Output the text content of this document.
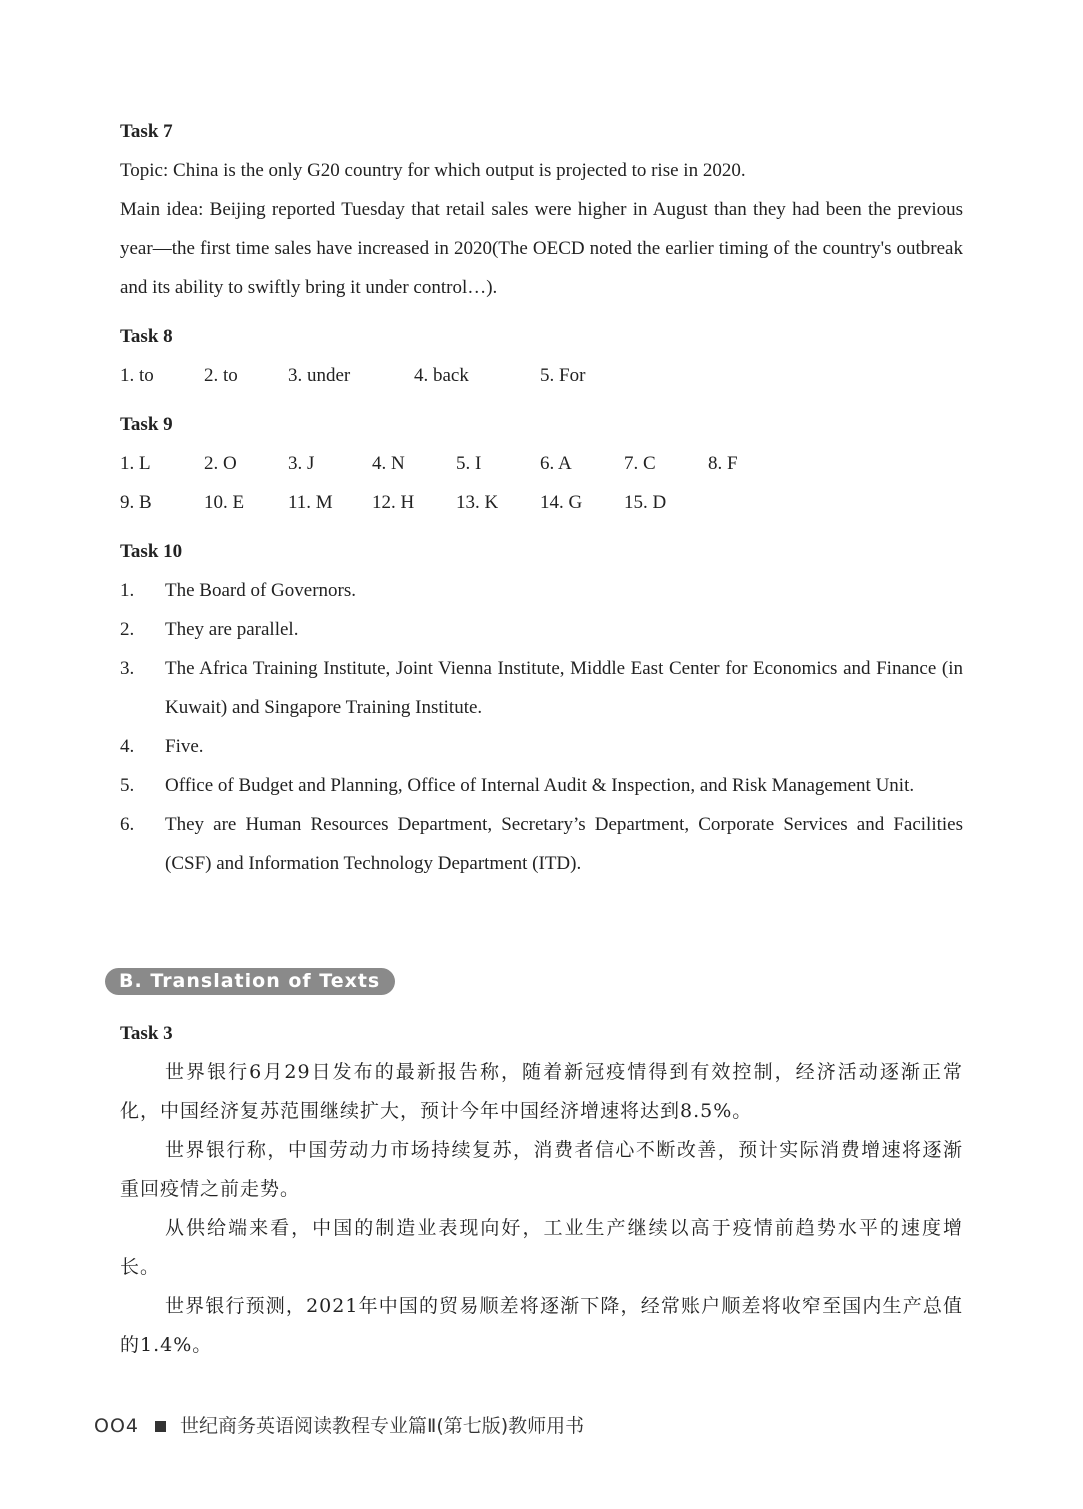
Task 7
Topic: China is the only G20 country for which output is projected to rise in 2020.
Main idea: Beijing reported Tuesday that retail sales were higher in August than they had been the previous year—the first time sales have increased in 2020(The OECD noted the earlier timing of the country's outbreak and its ability to swiftly bring it under control…).
Task 8
1. to	2. to	3. under	4. back	5. For
Task 9
1. L	2. O	3. J	4. N	5. I	6. A	7. C	8. F
9. B	10. E	11. M	12. H	13. K	14. G	15. D
Task 10
1.	The Board of Governors.
2.	They are parallel.
3.	The Africa Training Institute, Joint Vienna Institute, Middle East Center for Economics and Finance (in Kuwait) and Singapore Training Institute.
4.	Five.
5.	Office of Budget and Planning, Office of Internal Audit & Inspection, and Risk Management Unit.
6.	They are Human Resources Department, Secretary’s Department, Corporate Services and Facilities (CSF) and Information Technology Department (ITD).
B. Translation of Texts
Task 3
世界银行6月29日发布的最新报告称，随着新冠疫情得到有效控制，经济活动逐渐正常化，中国经济复苏范围继续扩大，预计今年中国经济增速将达到8.5%。
世界银行称，中国劳动力市场持续复苏，消费者信心不断改善，预计实际消费增速将逐渐重回疫情之前走势。
从供给端来看，中国的制造业表现向好，工业生产继续以高于疫情前趋势水平的速度增长。
世界银行预测，2021年中国的贸易顺差将逐渐下降，经常账户顺差将收窄至国内生产总值的1.4%。
OO4 世纪商务英语阅读教程专业篇Ⅱ(第七版)教师用书
